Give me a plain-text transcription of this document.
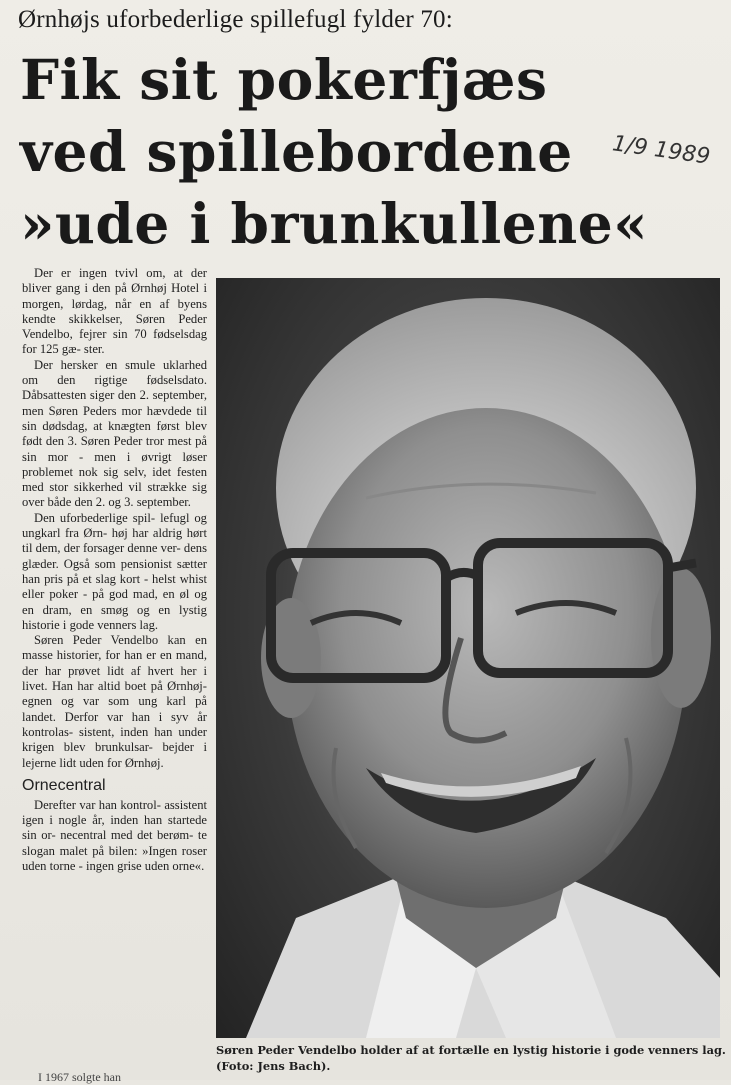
Ørnhøjs uforbederlige spillefugl fylder 70:
Fik sit pokerfjæs
ved spillebordene
»ude i brunkullene«
1/9 1989

Der er ingen tvivl om, at der bliver gang i den på Ørnhøj Hotel i morgen, lørdag, når en af byens kendte skikkelser, Søren Peder Vendelbo, fejrer sin 70 fødselsdag for 125 gæ- ster.

Der hersker en smule uklarhed om den rigtige fødselsdato. Dåbsattesten siger den 2. september, men Søren Peders mor hævdede til sin dødsdag, at knægten først blev født den 3. Søren Peder tror mest på sin mor - men i øvrigt løser problemet nok sig selv, idet festen med stor sikkerhed vil strække sig over både den 2. og 3. september.

Den uforbederlige spil- lefugl og ungkarl fra Ørn- høj har aldrig hørt til dem, der forsager denne ver- dens glæder. Også som pensionist sætter han pris på et slag kort - helst whist eller poker - på god mad, en øl og en dram, en smøg og en lystig historie i gode venners lag.

Søren Peder Vendelbo kan en masse historier, for han er en mand, der har prøvet lidt af hvert her i livet. Han har altid boet på Ørnhøj-egnen og var som ung karl på landet. Derfor var han i syv år kontrolas- sistent, inden han under krigen blev brunkulsar- bejder i lejerne lidt uden for Ørnhøj.

Ornecentral

Derefter var han kontrol- assistent igen i nogle år, inden han startede sin or- necentral med det berøm- te slogan malet på bilen: »Ingen roser uden torne - ingen grise uden orne«.

Søren Peder Vendelbo holder af at fortælle en lystig historie i gode venners lag.
(Foto: Jens Bach).
I 1967 solgte han
